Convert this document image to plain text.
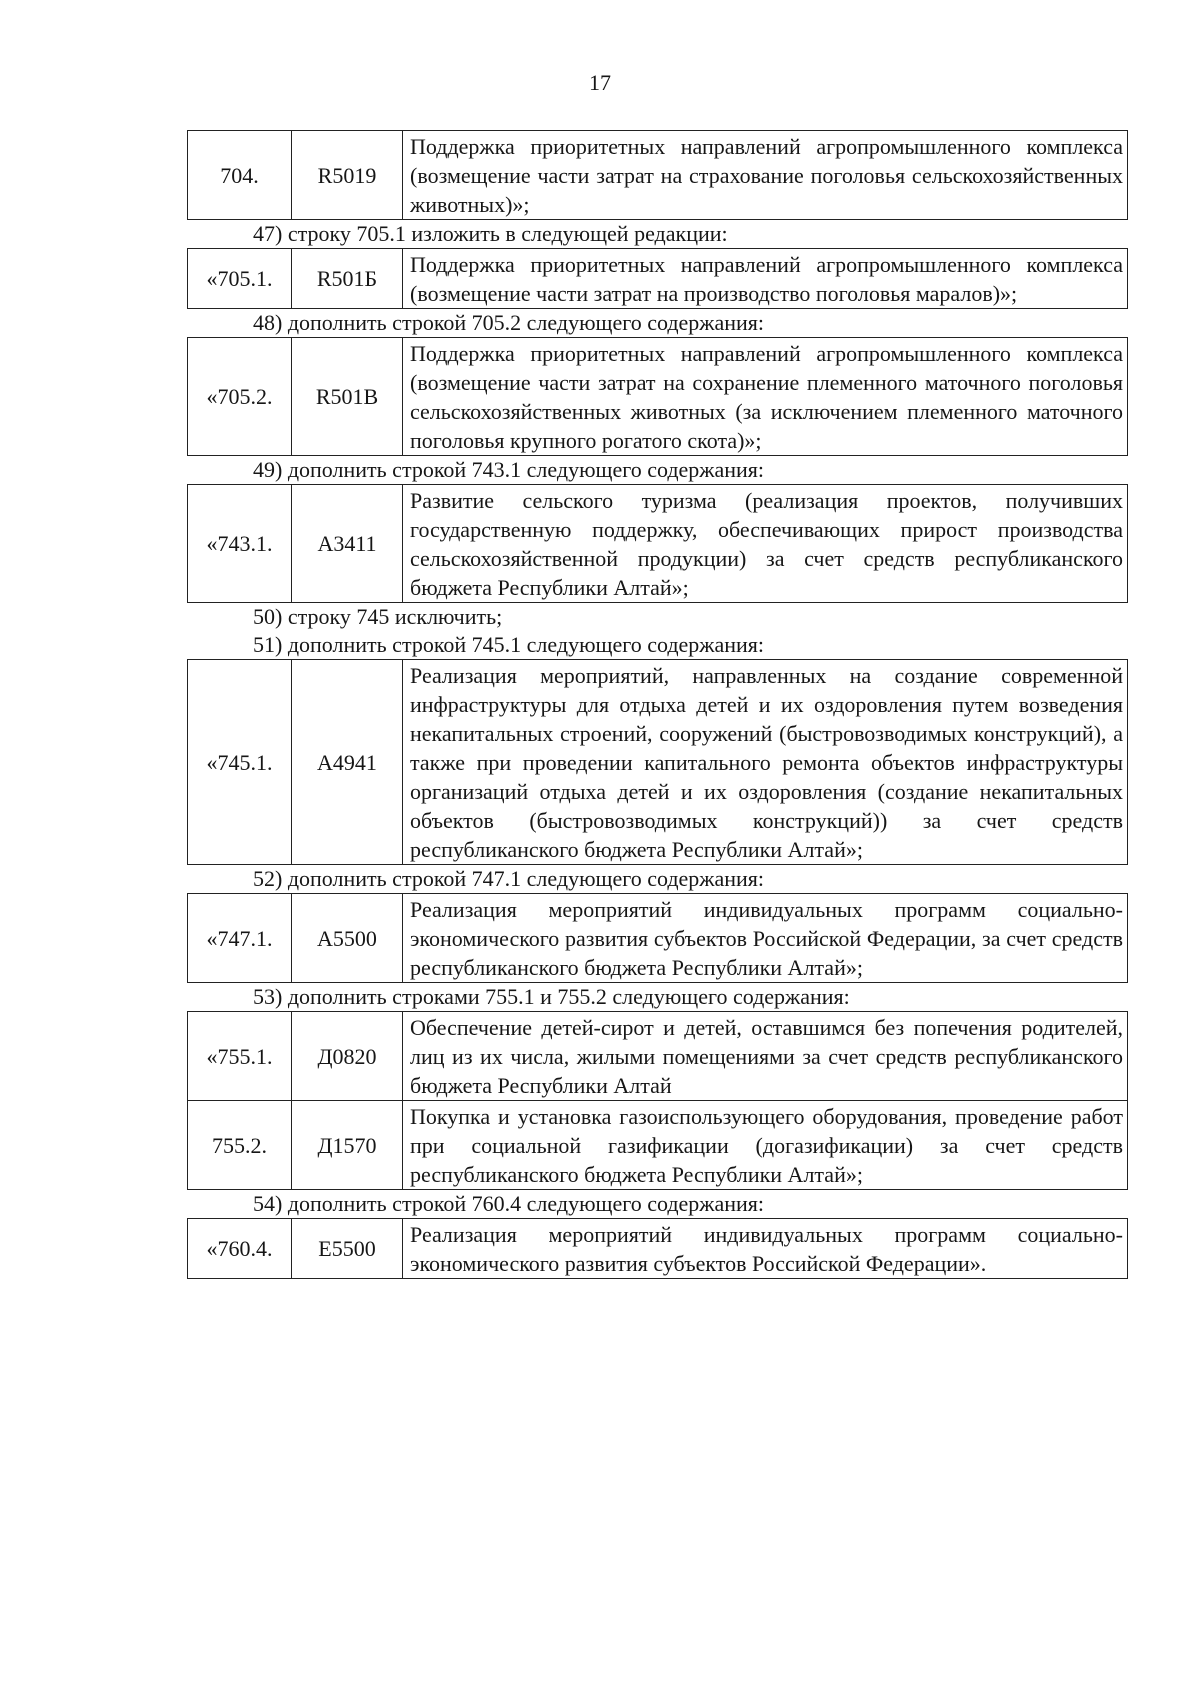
17
704.	R5019	Поддержка приоритетных направлений агропромышленного комплекса (возмещение части затрат на страхование поголовья сельскохозяйственных животных)»;
47) строку 705.1 изложить в следующей редакции:
«705.1.	R501Б	Поддержка приоритетных направлений агропромышленного комплекса (возмещение части затрат на производство поголовья маралов)»;
48) дополнить строкой 705.2 следующего содержания:
«705.2.	R501В	Поддержка приоритетных направлений агропромышленного комплекса (возмещение части затрат на сохранение племенного маточного поголовья сельскохозяйственных животных (за исключением племенного маточного поголовья крупного рогатого скота)»;
49) дополнить строкой 743.1 следующего содержания:
«743.1.	А3411	Развитие сельского туризма (реализация проектов, получивших государственную поддержку, обеспечивающих прирост производства сельскохозяйственной продукции) за счет средств республиканского бюджета Республики Алтай»;
50) строку 745 исключить;
51) дополнить строкой 745.1 следующего содержания:
«745.1.	А4941	Реализация мероприятий, направленных на создание современной инфраструктуры для отдыха детей и их оздоровления путем возведения некапитальных строений, сооружений (быстровозводимых конструкций), а также при проведении капитального ремонта объектов инфраструктуры организаций отдыха детей и их оздоровления (создание некапитальных объектов (быстровозводимых конструкций)) за счет средств республиканского бюджета Республики Алтай»;
52) дополнить строкой 747.1 следующего содержания:
«747.1.	А5500	Реализация мероприятий индивидуальных программ социально-экономического развития субъектов Российской Федерации, за счет средств республиканского бюджета Республики Алтай»;
53) дополнить строками 755.1 и 755.2 следующего содержания:
«755.1.	Д0820	Обеспечение детей-сирот и детей, оставшимся без попечения родителей, лиц из их числа, жилыми помещениями за счет средств республиканского бюджета Республики Алтай
755.2.	Д1570	Покупка и установка газоиспользующего оборудования, проведение работ при социальной газификации (догазификации) за счет средств республиканского бюджета Республики Алтай»;
54) дополнить строкой 760.4 следующего содержания:
«760.4.	Е5500	Реализация мероприятий индивидуальных программ социально-экономического развития субъектов Российской Федерации».
